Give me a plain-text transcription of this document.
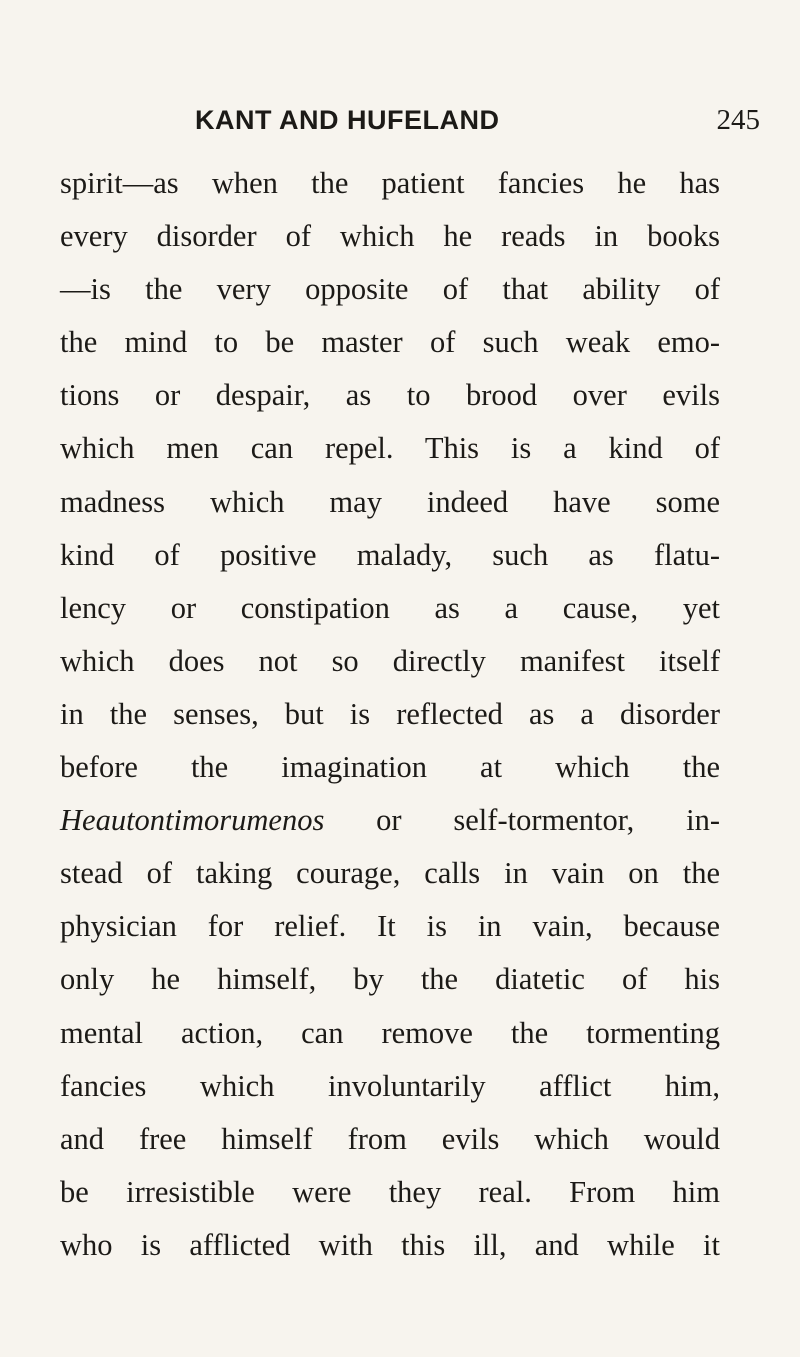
KANT AND HUFELAND	245
spirit—as when the patient fancies he has
every disorder of which he reads in books
—is the very opposite of that ability of
the mind to be master of such weak emo-
tions or despair, as to brood over evils
which men can repel. This is a kind of
madness which may indeed have some
kind of positive malady, such as flatu-
lency or constipation as a cause, yet
which does not so directly manifest itself
in the senses, but is reflected as a disorder
before the imagination at which the
Heautontimorumenos or self-tormentor, in-
stead of taking courage, calls in vain on the
physician for relief. It is in vain, because
only he himself, by the diatetic of his
mental action, can remove the tormenting
fancies which involuntarily afflict him,
and free himself from evils which would
be irresistible were they real. From him
who is afflicted with this ill, and while it
